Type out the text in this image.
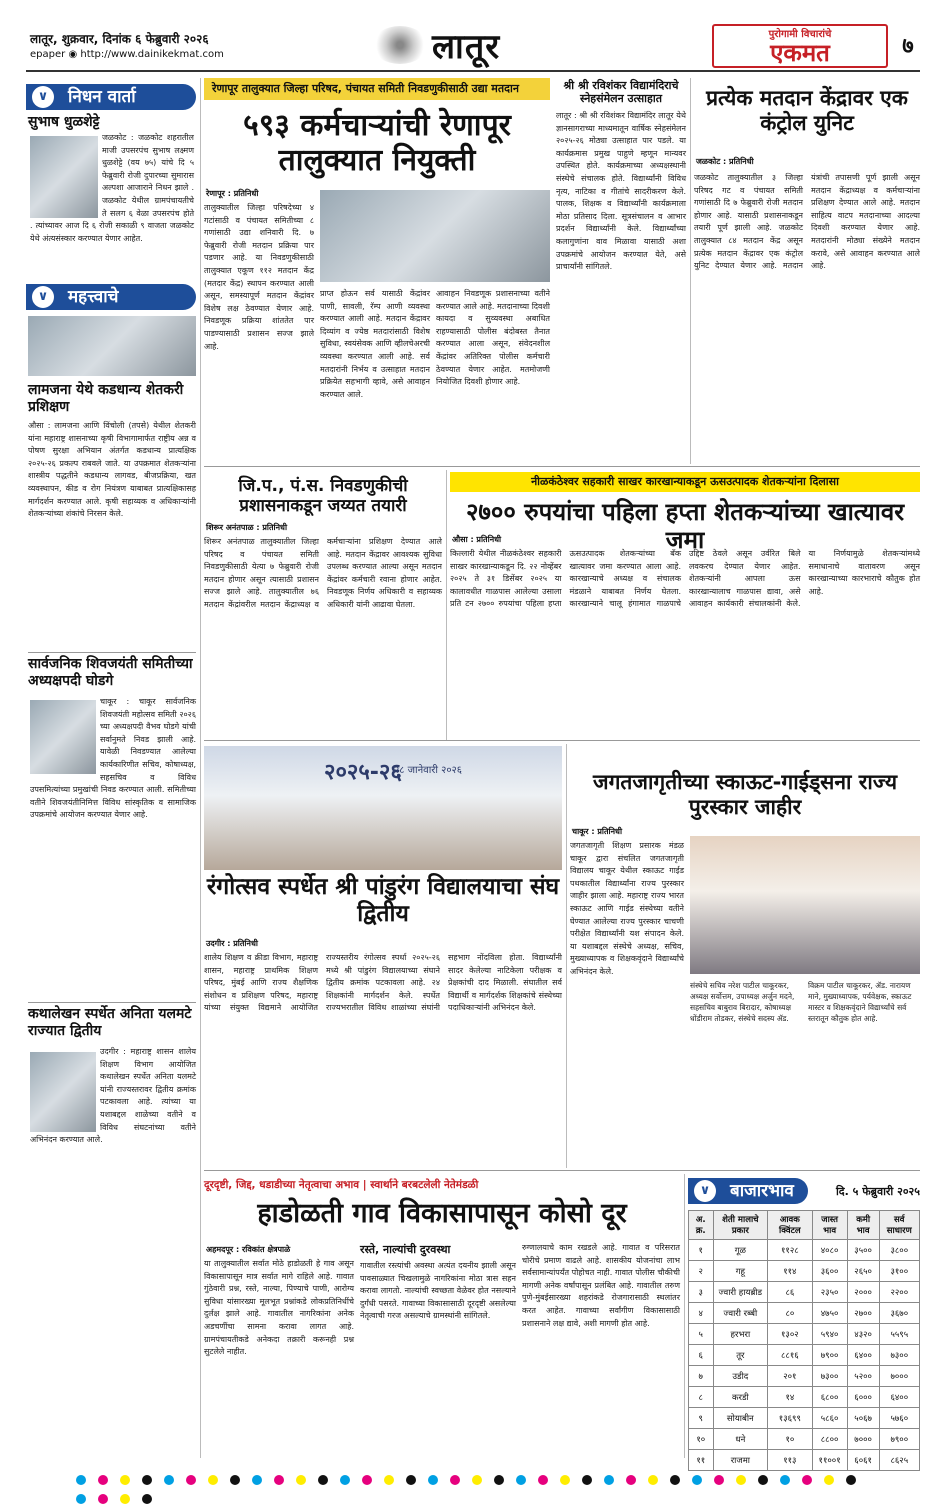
लातूर, शुक्रवार, दिनांक ६ फेब्रुवारी २०२६
epaper ◉ http://www.dainikekmat.com	लातूर	पुरोगामी विचारांचे
एकमत	७
∨	निधन वार्ता
सुभाष धुळशेट्टे
जळकोट : जळकोट शहरातील माजी उपसरपंच सुभाष लक्ष्मण धुळशेट्टे (वय ७५) यांचे दि ५ फेब्रुवारी रोजी दुपारच्या सुमारास अल्पशा आजाराने निधन झाले . जळकोट येथील ग्रामपंचायतीचे ते सलग ६ वेळा उपसरपंच होते . त्यांच्यावर आज दि ६ रोजी सकाळी ९ वाजता जळकोट येथे अंत्यसंस्कार करण्यात येणार आहेत.
∨	महत्त्वाचे
लामजना येथे कडधान्य शेतकरी प्रशिक्षण
औसा : लामजना आणि विंचोली (तपसे) येथील शेतकरी यांना महाराष्ट्र शासनाच्या कृषी विभागामार्फत राष्ट्रीय अन्न व पोषण सुरक्षा अभियान अंतर्गत कडधान्य प्रात्यक्षिक २०२५-२६ प्रकल्प राबवले जाते. या उपक्रमात शेतकऱ्यांना शास्त्रीय पद्धतीने कडधान्य लागवड, बीजप्रक्रिया, खत व्यवस्थापन, कीड व रोग नियंत्रण याबाबत प्रात्यक्षिकासह मार्गदर्शन करण्यात आले. कृषी सहाय्यक व अधिकाऱ्यांनी शेतकऱ्यांच्या शंकांचे निरसन केले.
सार्वजनिक शिवजयंती समितीच्या अध्यक्षपदी घोडगे
चाकूर : चाकूर सार्वजनिक शिवजयंती महोत्सव समिती २०२६ च्या अध्यक्षपदी वैभव घोडगे यांची सर्वानुमते निवड झाली आहे. यावेळी निवडण्यात आलेल्या कार्यकारिणीत सचिव, कोषाध्यक्ष, सहसचिव व विविध उपसमित्यांच्या प्रमुखांची निवड करण्यात आली. समितीच्या वतीने शिवजयंतीनिमित्त विविध सांस्कृतिक व सामाजिक उपक्रमांचे आयोजन करण्यात येणार आहे.
कथालेखन स्पर्धेत अनिता यलमटे राज्यात द्वितीय
उदगीर : महाराष्ट्र शासन शालेय शिक्षण विभाग आयोजित कथालेखन स्पर्धेत अनिता यलमटे यांनी राज्यस्तरावर द्वितीय क्रमांक पटकावला आहे. त्यांच्या या यशाबद्दल शाळेच्या वतीने व विविध संघटनांच्या वतीने अभिनंदन करण्यात आले.
रेणापूर तालुक्यात जिल्हा परिषद, पंचायत समिती निवडणुकीसाठी उद्या मतदान
५९३ कर्मचाऱ्यांची रेणापूर तालुक्यात नियुक्ती
रेणापूर : प्रतिनिधी
तालुक्यातील जिल्हा परिषदेच्या ४ गटांसाठी व पंचायत समितीच्या ८ गणांसाठी उद्या शनिवारी दि. ७ फेब्रुवारी रोजी मतदान प्रक्रिया पार पडणार आहे. या निवडणुकीसाठी तालुक्यात एकूण ११२ मतदान केंद्र (मतदार केंद्र) स्थापन करण्यात आली असून, समस्यापूर्ण मतदान केंद्रांवर विशेष लक्ष ठेवण्यात येणार आहे. निवडणूक प्रक्रिया शांततेत पार पाडण्यासाठी प्रशासन सज्ज झाले आहे.
प्राप्त होऊन सर्व यासाठी केंद्रांवर पाणी, सावली, रॅम्प आणी व्यवस्था करण्यात आली आहे. मतदान केंद्रावर दिव्यांग व ज्येष्ठ मतदारांसाठी विशेष सुविधा, स्वयंसेवक आणि व्हीलचेअरची व्यवस्था करण्यात आली आहे. सर्व मतदारांनी निर्भय व उत्साहात मतदान प्रक्रियेत सहभागी व्हावे, असे आवाहन करण्यात आले.
आवाहन निवडणूक प्रशासनाच्या वतीने करण्यात आले आहे. मतदानाच्या दिवशी कायदा व सुव्यवस्था अबाधित राहण्यासाठी पोलीस बंदोबस्त तैनात करण्यात आला असून, संवेदनशील केंद्रांवर अतिरिक्त पोलीस कर्मचारी ठेवण्यात येणार आहेत. मतमोजणी नियोजित दिवशी होणार आहे.
श्री श्री रविशंकर विद्यामंदिराचे स्नेहसंमेलन उत्साहात
लातूर : श्री श्री रविशंकर विद्यामंदिर लातूर येथे ज्ञानसागराच्या माध्यमातून वार्षिक स्नेहसंमेलन २०२५-२६ मोठ्या उत्साहात पार पडले. या कार्यक्रमास प्रमुख पाहुणे म्हणून मान्यवर उपस्थित होते. कार्यक्रमाच्या अध्यक्षस्थानी संस्थेचे संचालक होते. विद्यार्थ्यांनी विविध नृत्य, नाटिका व गीतांचे सादरीकरण केले. पालक, शिक्षक व विद्यार्थ्यांनी कार्यक्रमाला मोठा प्रतिसाद दिला. सूत्रसंचालन व आभार प्रदर्शन विद्यार्थ्यांनी केले. विद्यार्थ्यांच्या कलागुणांना वाव मिळावा यासाठी अशा उपक्रमांचे आयोजन करण्यात येते, असे प्राचार्यांनी सांगितले.
प्रत्येक मतदान केंद्रावर एक कंट्रोल युनिट
जळकोट : प्रतिनिधी
जळकोट तालुक्यातील ३ जिल्हा परिषद गट व पंचायत समिती गणांसाठी दि ७ फेब्रुवारी रोजी मतदान होणार आहे. यासाठी प्रशासनाकडून तयारी पूर्ण झाली आहे. जळकोट तालुक्यात ८४ मतदान केंद्र असून प्रत्येक मतदान केंद्रावर एक कंट्रोल युनिट देण्यात येणार आहे. मतदान यंत्रांची तपासणी पूर्ण झाली असून मतदान केंद्राध्यक्ष व कर्मचाऱ्यांना प्रशिक्षण देण्यात आले आहे. मतदान साहित्य वाटप मतदानाच्या आदल्या दिवशी करण्यात येणार आहे. मतदारांनी मोठ्या संख्येने मतदान करावे, असे आवाहन करण्यात आले आहे.
जि.प., पं.स. निवडणुकीची प्रशासनाकडून जय्यत तयारी
शिरूर अनंतपाळ : प्रतिनिधी
शिरूर अनंतपाळ तालुक्यातील जिल्हा परिषद व पंचायत समिती निवडणुकीसाठी येत्या ७ फेब्रुवारी रोजी मतदान होणार असून त्यासाठी प्रशासन सज्ज झाले आहे. तालुक्यातील ७६ मतदान केंद्रांवरील मतदान केंद्राध्यक्ष व कर्मचाऱ्यांना प्रशिक्षण देण्यात आले आहे. मतदान केंद्रावर आवश्यक सुविधा उपलब्ध करण्यात आल्या असून मतदान केंद्रांवर कर्मचारी रवाना होणार आहेत. निवडणूक निर्णय अधिकारी व सहाय्यक अधिकारी यांनी आढावा घेतला.
नीळकंठेश्वर सहकारी साखर कारखान्याकडून ऊसउत्पादक शेतकऱ्यांना दिलासा
२७०० रुपयांचा पहिला हप्ता शेतकऱ्यांच्या खात्यावर जमा
औसा : प्रतिनिधी
किल्लारी येथील नीळकंठेश्वर सहकारी साखर कारखान्याकडून दि. २२ नोव्हेंबर २०२५ ते ३१ डिसेंबर २०२५ या कालावधीत गाळपास आलेल्या उसाला प्रति टन २७०० रुपयांचा पहिला हप्ता ऊसउत्पादक शेतकऱ्यांच्या बँक खात्यावर जमा करण्यात आला आहे. कारखान्याचे अध्यक्ष व संचालक मंडळाने याबाबत निर्णय घेतला. कारखान्याने चालू हंगामात गाळपाचे उद्दिष्ट ठेवले असून उर्वरित बिले लवकरच देण्यात येणार आहेत. शेतकऱ्यांनी आपला ऊस कारखान्यालाच गाळपास द्यावा, असे आवाहन कार्यकारी संचालकांनी केले. या निर्णयामुळे शेतकऱ्यांमध्ये समाधानाचे वातावरण असून कारखान्याच्या कारभाराचे कौतुक होत आहे.
२०२५-२६
२८ जानेवारी २०२६
रंगोत्सव स्पर्धेत श्री पांडुरंग विद्यालयाचा संघ द्वितीय
उदगीर : प्रतिनिधी
शालेय शिक्षण व क्रीडा विभाग, महाराष्ट्र शासन, महाराष्ट्र प्राथमिक शिक्षण परिषद, मुंबई आणि राज्य शैक्षणिक संशोधन व प्रशिक्षण परिषद, महाराष्ट्र यांच्या संयुक्त विद्यमाने आयोजित राज्यस्तरीय रंगोत्सव स्पर्धा २०२५-२६ मध्ये श्री पांडुरंग विद्यालयाच्या संघाने द्वितीय क्रमांक पटकावला आहे. २४ शिक्षकांनी मार्गदर्शन केले. स्पर्धेत राज्यभरातील विविध शाळांच्या संघांनी सहभाग नोंदविला होता. विद्यार्थ्यांनी सादर केलेल्या नाटिकेला परीक्षक व प्रेक्षकांची दाद मिळाली. संघातील सर्व विद्यार्थी व मार्गदर्शक शिक्षकांचे संस्थेच्या पदाधिकाऱ्यांनी अभिनंदन केले.
जगतजागृतीच्या स्काऊट-गाईड्सना राज्य पुरस्कार जाहीर
चाकूर : प्रतिनिधी
जगतजागृती शिक्षण प्रसारक मंडळ चाकूर द्वारा संचलित जगतजागृती विद्यालय चाकूर येथील स्काऊट गाईड पथकातील विद्यार्थ्यांना राज्य पुरस्कार जाहीर झाला आहे. महाराष्ट्र राज्य भारत स्काऊट आणि गाईड संस्थेच्या वतीने घेण्यात आलेल्या राज्य पुरस्कार चाचणी परीक्षेत विद्यार्थ्यांनी यश संपादन केले. या यशाबद्दल संस्थेचे अध्यक्ष, सचिव, मुख्याध्यापक व शिक्षकवृंदाने विद्यार्थ्यांचे अभिनंदन केले.
संस्थेचे सचिव नरेश पाटील चाकूरकर, अध्यक्ष सर्वोत्तम, उपाध्यक्ष अर्जुन मदने, सहसचिव बाबुराव बिरादार, कोषाध्यक्ष धोंडीराम तोडकर, संस्थेचे सदस्य ॲड. विक्रम पाटील चाकूरकर, ॲड. नारायण माने, मुख्याध्यापक, पर्यवेक्षक, स्काऊट मास्टर व शिक्षकवृंदाने विद्यार्थ्यांचे सर्व स्तरातून कौतुक होत आहे.
दूरदृष्टी, जिद्द, धडाडीच्या नेतृत्वाचा अभाव | स्वार्थाने बरबटलेली नेतेमंडळी
हाडोळती गाव विकासापासून कोसो दूर
अहमदपूर : रविकांत क्षेत्रपाळे
या तालुक्यातील सर्वात मोठे हाडोळती हे गाव असून विकासापासून मात्र सर्वात मागे राहिले आहे. गावात गुंठेवारी प्रश्न, रस्ते, नाल्या, पिण्याचे पाणी, आरोग्य सुविधा यांसारख्या मूलभूत प्रश्नांकडे लोकप्रतिनिधींचे दुर्लक्ष झाले आहे. गावातील नागरिकांना अनेक अडचणींचा सामना करावा लागत आहे. ग्रामपंचायतीकडे अनेकदा तक्रारी करूनही प्रश्न सुटलेले नाहीत.
रस्ते, नाल्यांची दुरवस्था
गावातील रस्त्यांची अवस्था अत्यंत दयनीय झाली असून पावसाळ्यात चिखलामुळे नागरिकांना मोठा त्रास सहन करावा लागतो. नाल्यांची स्वच्छता वेळेवर होत नसल्याने दुर्गंधी पसरते. गावाच्या विकासासाठी दूरदृष्टी असलेल्या नेतृत्वाची गरज असल्याचे ग्रामस्थांनी सांगितले.
रुग्णालयाचे काम रखडले आहे. गावात व परिसरात चोरीचे प्रमाण वाढले आहे. शासकीय योजनांचा लाभ सर्वसामान्यांपर्यंत पोहोचत नाही. गावात पोलीस चौकीची मागणी अनेक वर्षांपासून प्रलंबित आहे. गावातील तरुण पुणे-मुंबईसारख्या शहरांकडे रोजगारासाठी स्थलांतर करत आहेत. गावाच्या सर्वांगीण विकासासाठी प्रशासनाने लक्ष द्यावे, अशी मागणी होत आहे.
∨	बाजारभाव	दि. ५ फेब्रुवारी २०२५
अ. क्र.	शेती मालाचे प्रकार	आवक क्विंटल	जास्त भाव	कमी भाव	सर्व साधारण
१	गूळ	११२८	४०८०	३५००	३८००
२	गहू	११४	३६००	२६५०	३१००
३	ज्वारी हायब्रीड	८६	२३५०	२०००	२२००
४	ज्वारी रब्बी	८०	४७५०	२७००	३६७०
५	हरभरा	१३०२	५९४०	४३२०	५५९५
६	तूर	८८१६	७९००	६४००	७३००
७	उडीद	२०१	७३००	५२००	७०००
८	करडी	१४	६८००	६०००	६४००
९	सोयाबीन	१३६९९	५८६०	५०६७	५७६०
१०	धने	१०	८८००	७०००	७९००
११	राजमा	११३	११००१	६०६१	८६२५
